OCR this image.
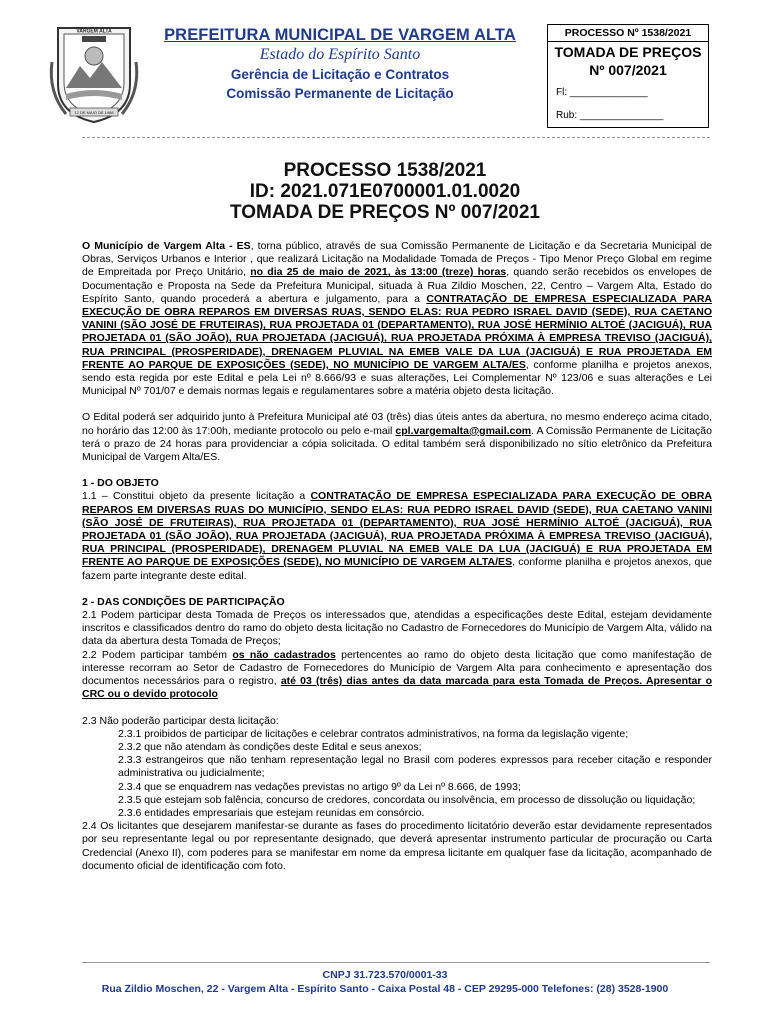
12 DE MAIO DE 1988
VARGEM ALTA	PREFEITURA MUNICIPAL DE VARGEM ALTA
Estado do Espírito Santo
Gerência de Licitação e Contratos
Comissão Permanente de Licitação
PROCESSO Nº 1538/2021
TOMADA DE PREÇOS
Nº 007/2021
Fl: ______________
Rub: _______________
PROCESSO 1538/2021
ID: 2021.071E0700001.01.0020
TOMADA DE PREÇOS Nº 007/2021

O Município de Vargem Alta - ES, torna público, através de sua Comissão Permanente de Licitação e da Secretaria Municipal de Obras, Serviços Urbanos e Interior , que realizará Licitação na Modalidade Tomada de Preços - Tipo Menor Preço Global em regime de Empreitada por Preço Unitário, no dia 25 de maio de 2021, às 13:00 (treze) horas, quando serão recebidos os envelopes de Documentação e Proposta na Sede da Prefeitura Municipal, situada à Rua Zildio Moschen, 22, Centro – Vargem Alta, Estado do Espírito Santo, quando procederá a abertura e julgamento, para a CONTRATAÇÃO DE EMPRESA ESPECIALIZADA PARA EXECUÇÃO DE OBRA REPAROS EM DIVERSAS RUAS, SENDO ELAS: RUA PEDRO ISRAEL DAVID (SEDE), RUA CAETANO VANINI (SÃO JOSÉ DE FRUTEIRAS), RUA PROJETADA 01 (DEPARTAMENTO), RUA JOSÉ HERMÍNIO ALTOÉ (JACIGUÁ), RUA PROJETADA 01 (SÃO JOÃO), RUA PROJETADA (JACIGUÁ), RUA PROJETADA PRÓXIMA À EMPRESA TREVISO (JACIGUÁ), RUA PRINCIPAL (PROSPERIDADE), DRENAGEM PLUVIAL NA EMEB VALE DA LUA (JACIGUÁ) E RUA PROJETADA EM FRENTE AO PARQUE DE EXPOSIÇÕES (SEDE), NO MUNICÍPIO DE VARGEM ALTA/ES, conforme planilha e projetos anexos, sendo esta regida por este Edital e pela Lei nº 8.666/93 e suas alterações, Lei Complementar Nº 123/06 e suas alterações e Lei Municipal Nº 701/07 e demais normas legais e regulamentares sobre a matéria objeto desta licitação.

O Edital poderá ser adquirido junto à Prefeitura Municipal até 03 (três) dias úteis antes da abertura, no mesmo endereço acima citado, no horário das 12:00 às 17:00h, mediante protocolo ou pelo e-mail cpl.vargemalta@gmail.com. A Comissão Permanente de Licitação terá o prazo de 24 horas para providenciar a cópia solicitada. O edital também será disponibilizado no sítio eletrônico da Prefeitura Municipal de Vargem Alta/ES.

1 - DO OBJETO

1.1 – Constitui objeto da presente licitação a CONTRATAÇÃO DE EMPRESA ESPECIALIZADA PARA EXECUÇÃO DE OBRA REPAROS EM DIVERSAS RUAS DO MUNICÍPIO, SENDO ELAS: RUA PEDRO ISRAEL DAVID (SEDE), RUA CAETANO VANINI (SÃO JOSÉ DE FRUTEIRAS), RUA PROJETADA 01 (DEPARTAMENTO), RUA JOSÉ HERMÍNIO ALTOÉ (JACIGUÁ), RUA PROJETADA 01 (SÃO JOÃO), RUA PROJETADA (JACIGUÁ), RUA PROJETADA PRÓXIMA À EMPRESA TREVISO (JACIGUÁ), RUA PRINCIPAL (PROSPERIDADE), DRENAGEM PLUVIAL NA EMEB VALE DA LUA (JACIGUÁ) E RUA PROJETADA EM FRENTE AO PARQUE DE EXPOSIÇÕES (SEDE), NO MUNICÍPIO DE VARGEM ALTA/ES, conforme planilha e projetos anexos, que fazem parte integrante deste edital.

2 - DAS CONDIÇÕES DE PARTICIPAÇÃO

2.1 Podem participar desta Tomada de Preços os interessados que, atendidas a especificações deste Edital, estejam devidamente inscritos e classificados dentro do ramo do objeto desta licitação no Cadastro de Fornecedores do Município de Vargem Alta, válido na data da abertura desta Tomada de Preços;

2.2 Podem participar também os não cadastrados pertencentes ao ramo do objeto desta licitação que como manifestação de interesse recorram ao Setor de Cadastro de Fornecedores do Município de Vargem Alta para conhecimento e apresentação dos documentos necessários para o registro, até 03 (três) dias antes da data marcada para esta Tomada de Preços. Apresentar o CRC ou o devido protocolo

2.3 Não poderão participar desta licitação:

2.3.1 proibidos de participar de licitações e celebrar contratos administrativos, na forma da legislação vigente;

2.3.2 que não atendam às condições deste Edital e seus anexos;

2.3.3 estrangeiros que não tenham representação legal no Brasil com poderes expressos para receber citação e responder administrativa ou judicialmente;

2.3.4 que se enquadrem nas vedações previstas no artigo 9º da Lei nº 8.666, de 1993;

2.3.5 que estejam sob falência, concurso de credores, concordata ou insolvência, em processo de dissolução ou liquidação;

2.3.6 entidades empresariais que estejam reunidas em consórcio.

2.4 Os licitantes que desejarem manifestar-se durante as fases do procedimento licitatório deverão estar devidamente representados por seu representante legal ou por representante designado, que deverá apresentar instrumento particular de procuração ou Carta Credencial (Anexo II), com poderes para se manifestar em nome da empresa licitante em qualquer fase da licitação, acompanhado de documento oficial de identificação com foto.

CNPJ 31.723.570/0001-33
Rua Zildio Moschen, 22 - Vargem Alta - Espírito Santo - Caixa Postal 48 - CEP 29295-000 Telefones: (28) 3528-1900
